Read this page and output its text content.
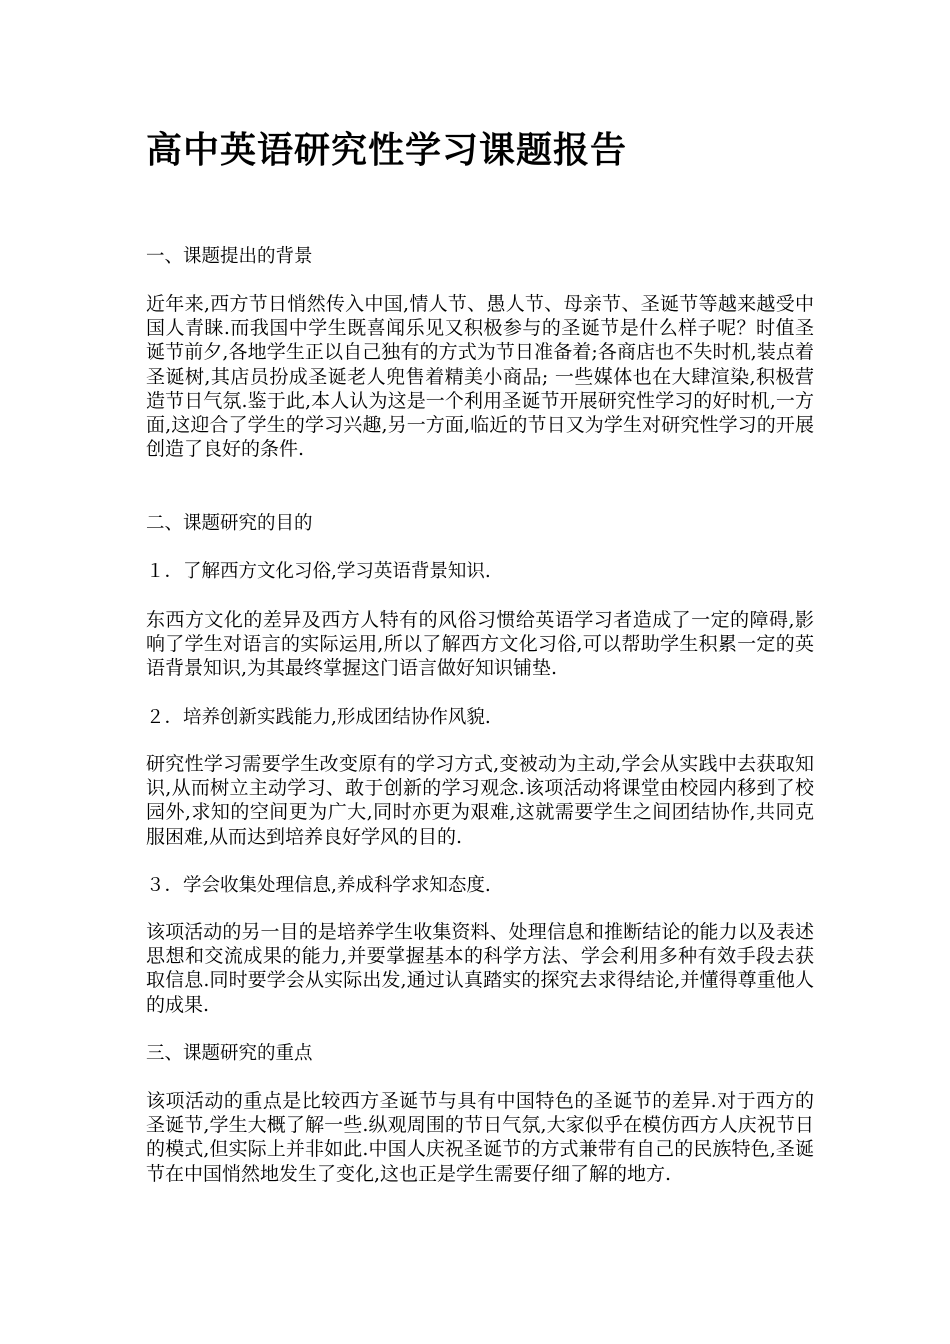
高中英语研究性学习课题报告
一、课题提出的背景
近年来,西方节日悄然传入中国,情人节、愚人节、母亲节、圣诞节等越来越受中国人青睐.而我国中学生既喜闻乐见又积极参与的圣诞节是什么样子呢？时值圣诞节前夕,各地学生正以自己独有的方式为节日准备着;各商店也不失时机,装点着圣诞树,其店员扮成圣诞老人兜售着精美小商品; 一些媒体也在大肆渲染,积极营造节日气氛.鉴于此,本人认为这是一个利用圣诞节开展研究性学习的好时机,一方面,这迎合了学生的学习兴趣,另一方面,临近的节日又为学生对研究性学习的开展创造了良好的条件.
二、课题研究的目的
１．了解西方文化习俗,学习英语背景知识.
东西方文化的差异及西方人特有的风俗习惯给英语学习者造成了一定的障碍,影响了学生对语言的实际运用,所以了解西方文化习俗,可以帮助学生积累一定的英语背景知识,为其最终掌握这门语言做好知识铺垫.
２．培养创新实践能力,形成团结协作风貌.
研究性学习需要学生改变原有的学习方式,变被动为主动,学会从实践中去获取知识,从而树立主动学习、敢于创新的学习观念.该项活动将课堂由校园内移到了校园外,求知的空间更为广大,同时亦更为艰难,这就需要学生之间团结协作,共同克服困难,从而达到培养良好学风的目的.
３．学会收集处理信息,养成科学求知态度.
该项活动的另一目的是培养学生收集资料、处理信息和推断结论的能力以及表述思想和交流成果的能力,并要掌握基本的科学方法、学会利用多种有效手段去获取信息.同时要学会从实际出发,通过认真踏实的探究去求得结论,并懂得尊重他人的成果.
三、课题研究的重点
该项活动的重点是比较西方圣诞节与具有中国特色的圣诞节的差异.对于西方的圣诞节,学生大概了解一些.纵观周围的节日气氛,大家似乎在模仿西方人庆祝节日的模式,但实际上并非如此.中国人庆祝圣诞节的方式兼带有自己的民族特色,圣诞节在中国悄然地发生了变化,这也正是学生需要仔细了解的地方.
